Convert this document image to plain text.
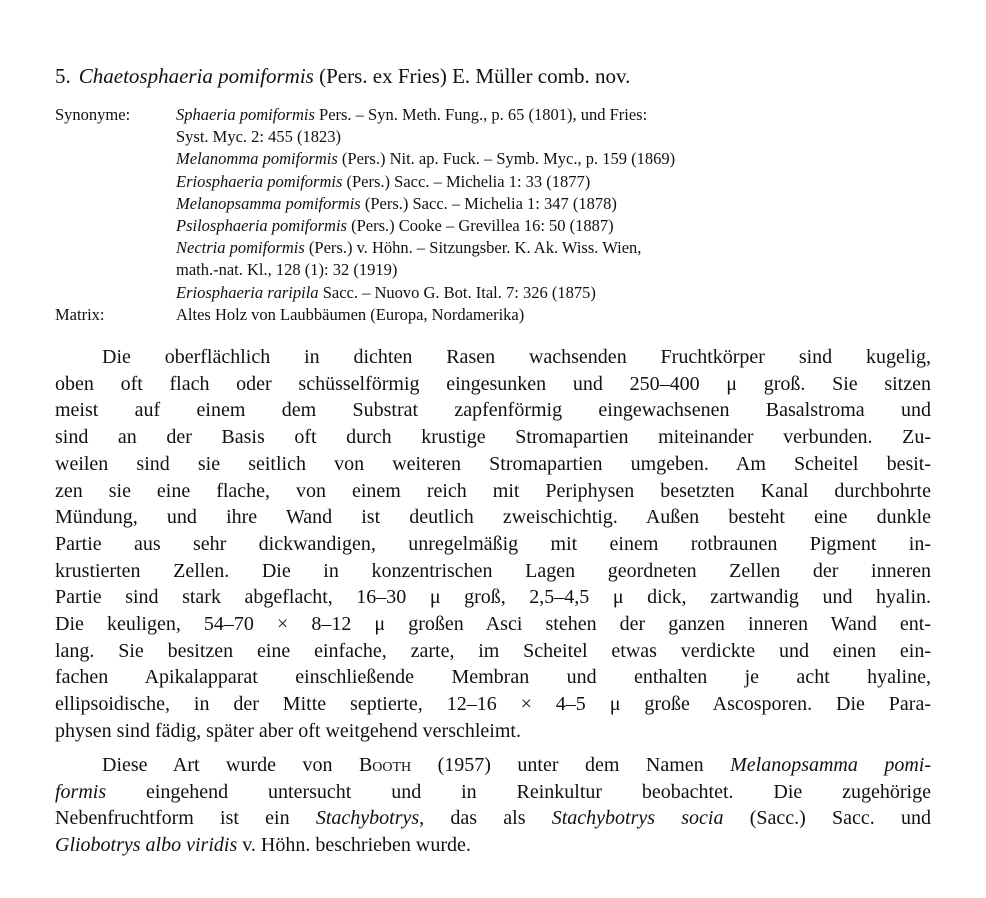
5. Chaetosphaeria pomiformis (Pers. ex Fries) E. Müller comb. nov.
Synonyme:	Sphaeria pomiformis Pers. – Syn. Meth. Fung., p. 65 (1801), und Fries:
Syst. Myc. 2: 455 (1823)
Melanomma pomiformis (Pers.) Nit. ap. Fuck. – Symb. Myc., p. 159 (1869)
Eriosphaeria pomiformis (Pers.) Sacc. – Michelia 1: 33 (1877)
Melanopsamma pomiformis (Pers.) Sacc. – Michelia 1: 347 (1878)
Psilosphaeria pomiformis (Pers.) Cooke – Grevillea 16: 50 (1887)
Nectria pomiformis (Pers.) v. Höhn. – Sitzungsber. K. Ak. Wiss. Wien,
math.-nat. Kl., 128 (1): 32 (1919)
Eriosphaeria raripila Sacc. – Nuovo G. Bot. Ital. 7: 326 (1875)
Matrix:	Altes Holz von Laubbäumen (Europa, Nordamerika)
Die oberflächlich in dichten Rasen wachsenden Fruchtkörper sind kugelig,
oben oft flach oder schüsselförmig eingesunken und 250–400 μ groß. Sie sitzen
meist auf einem dem Substrat zapfenförmig eingewachsenen Basalstroma und
sind an der Basis oft durch krustige Stromapartien miteinander verbunden. Zu-
weilen sind sie seitlich von weiteren Stromapartien umgeben. Am Scheitel besit-
zen sie eine flache, von einem reich mit Periphysen besetzten Kanal durchbohrte
Mündung, und ihre Wand ist deutlich zweischichtig. Außen besteht eine dunkle
Partie aus sehr dickwandigen, unregelmäßig mit einem rotbraunen Pigment in-
krustierten Zellen. Die in konzentrischen Lagen geordneten Zellen der inneren
Partie sind stark abgeflacht, 16–30 μ groß, 2,5–4,5 μ dick, zartwandig und hyalin.
Die keuligen, 54–70 × 8–12 μ großen Asci stehen der ganzen inneren Wand ent-
lang. Sie besitzen eine einfache, zarte, im Scheitel etwas verdickte und einen ein-
fachen Apikalapparat einschließende Membran und enthalten je acht hyaline,
ellipsoidische, in der Mitte septierte, 12–16 × 4–5 μ große Ascosporen. Die Para-
physen sind fädig, später aber oft weitgehend verschleimt.
Diese Art wurde von Booth (1957) unter dem Namen Melanopsamma pomi-
formis eingehend untersucht und in Reinkultur beobachtet. Die zugehörige
Nebenfruchtform ist ein Stachybotrys, das als Stachybotrys socia (Sacc.) Sacc. und
Gliobotrys albo viridis v. Höhn. beschrieben wurde.
